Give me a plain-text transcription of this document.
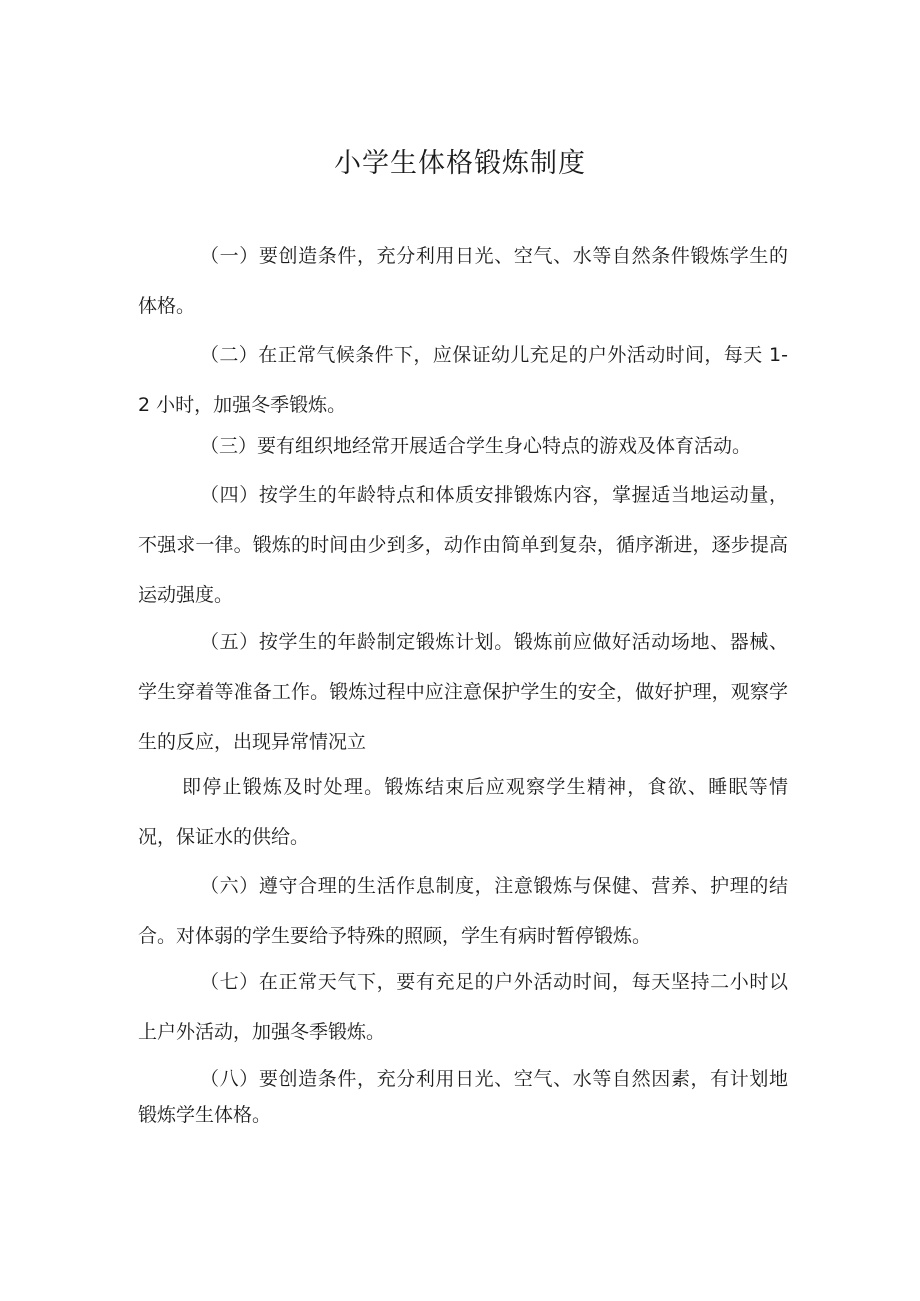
小学生体格锻炼制度

（一）要创造条件，充分利用日光、空气、水等自然条件锻炼学生的体格。

（二）在正常气候条件下，应保证幼儿充足的户外活动时间，每天 1-2 小时，加强冬季锻炼。

（三）要有组织地经常开展适合学生身心特点的游戏及体育活动。

（四）按学生的年龄特点和体质安排锻炼内容，掌握适当地运动量，不强求一律。锻炼的时间由少到多，动作由简单到复杂，循序渐进，逐步提高运动强度。

（五）按学生的年龄制定锻炼计划。锻炼前应做好活动场地、器械、学生穿着等准备工作。锻炼过程中应注意保护学生的安全，做好护理，观察学生的反应，出现异常情况立

即停止锻炼及时处理。锻炼结束后应观察学生精神，食欲、睡眠等情况，保证水的供给。

（六）遵守合理的生活作息制度，注意锻炼与保健、营养、护理的结合。对体弱的学生要给予特殊的照顾，学生有病时暂停锻炼。

（七）在正常天气下，要有充足的户外活动时间，每天坚持二小时以上户外活动，加强冬季锻炼。

（八）要创造条件，充分利用日光、空气、水等自然因素，有计划地锻炼学生体格。
